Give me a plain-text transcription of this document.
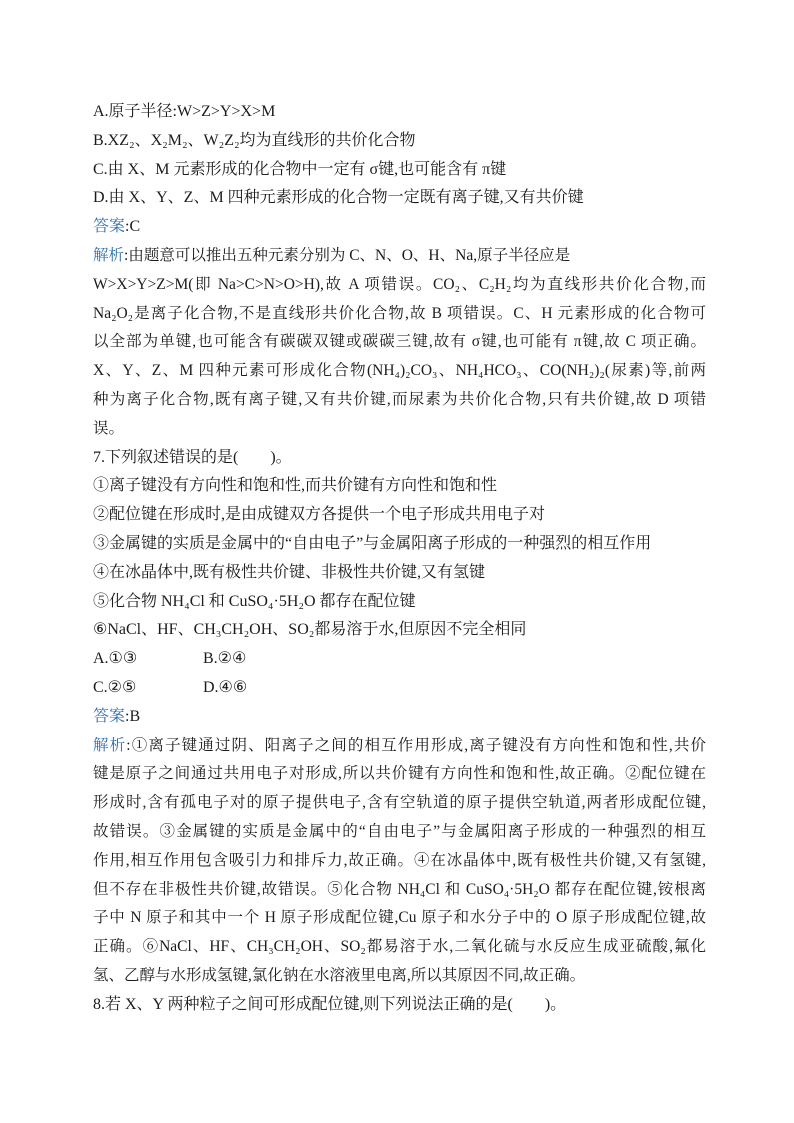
A.原子半径:W>Z>Y>X>M
B.XZ₂、X₂M₂、W₂Z₂均为直线形的共价化合物
C.由 X、M 元素形成的化合物中一定有 σ键,也可能含有 π键
D.由 X、Y、Z、M 四种元素形成的化合物一定既有离子键,又有共价键
答案:C
解析:由题意可以推出五种元素分别为 C、N、O、H、Na,原子半径应是
W>X>Y>Z>M(即 Na>C>N>O>H),故 A 项错误。CO₂、C₂H₂均为直线形共价化合物,而
Na₂O₂是离子化合物,不是直线形共价化合物,故 B 项错误。C、H 元素形成的化合物可
以全部为单键,也可能含有碳碳双键或碳碳三键,故有 σ键,也可能有 π键,故 C 项正确。
X、Y、Z、M 四种元素可形成化合物(NH₄)₂CO₃、NH₄HCO₃、CO(NH₂)₂(尿素)等,前两
种为离子化合物,既有离子键,又有共价键,而尿素为共价化合物,只有共价键,故 D 项错
误。
7.下列叙述错误的是(　　)。
①离子键没有方向性和饱和性,而共价键有方向性和饱和性
②配位键在形成时,是由成键双方各提供一个电子形成共用电子对
③金属键的实质是金属中的“自由电子”与金属阳离子形成的一种强烈的相互作用
④在冰晶体中,既有极性共价键、非极性共价键,又有氢键
⑤化合物 NH₄Cl 和 CuSO₄·5H₂O 都存在配位键
⑥NaCl、HF、CH₃CH₂OH、SO₂都易溶于水,但原因不完全相同
A.①③	B.②④
C.②⑤	D.④⑥
答案:B
解析:①离子键通过阴、阳离子之间的相互作用形成,离子键没有方向性和饱和性,共价
键是原子之间通过共用电子对形成,所以共价键有方向性和饱和性,故正确。②配位键在
形成时,含有孤电子对的原子提供电子,含有空轨道的原子提供空轨道,两者形成配位键,
故错误。③金属键的实质是金属中的“自由电子”与金属阳离子形成的一种强烈的相互
作用,相互作用包含吸引力和排斥力,故正确。④在冰晶体中,既有极性共价键,又有氢键,
但不存在非极性共价键,故错误。⑤化合物 NH₄Cl 和 CuSO₄·5H₂O 都存在配位键,铵根离
子中 N 原子和其中一个 H 原子形成配位键,Cu 原子和水分子中的 O 原子形成配位键,故
正确。⑥NaCl、HF、CH₃CH₂OH、SO₂都易溶于水,二氧化硫与水反应生成亚硫酸,氟化
氢、乙醇与水形成氢键,氯化钠在水溶液里电离,所以其原因不同,故正确。
8.若 X、Y 两种粒子之间可形成配位键,则下列说法正确的是(　　)。
